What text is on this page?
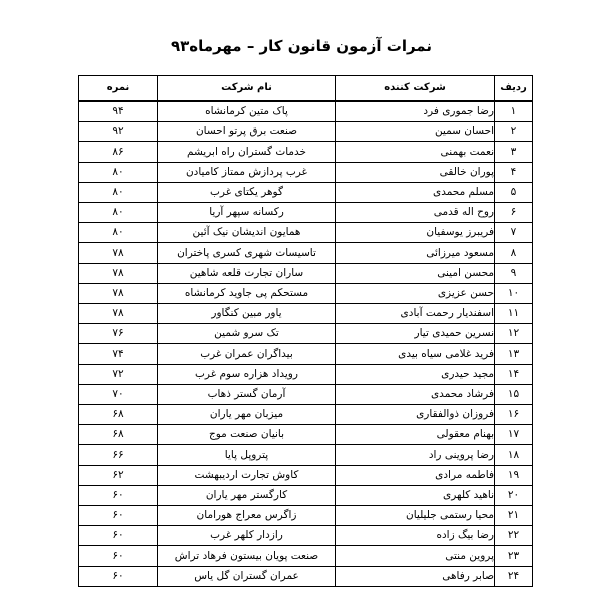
نمرات آزمون قانون کار – مهرماه۹۳
ردیف	شرکت کننده	نام شرکت	نمره
۱	رضا جموری فرد	پاک متین کرمانشاه	۹۴
۲	احسان سمین	صنعت برق پرتو احسان	۹۲
۳	نعمت بهمنی	خدمات گستران راه ابریشم	۸۶
۴	پوران خالقی	غرب پردازش ممتاز کامیادن	۸۰
۵	مسلم محمدی	گوهر یکتای غرب	۸۰
۶	روح اله قدمی	رکسانه سپهر آریا	۸۰
۷	فریبرز یوسفیان	همایون اندیشان نیک آئین	۸۰
۸	مسعود میرزائی	تاسیسات شهری کسری پاختران	۷۸
۹	محسن امینی	ساران تجارت قلعه شاهین	۷۸
۱۰	حسن عزیزی	مستحکم پی جاوید کرمانشاه	۷۸
۱۱	اسفندیار رحمت آبادی	یاور مبین کنگاور	۷۸
۱۲	نسرین حمیدی تیار	تک سرو شمین	۷۶
۱۳	فرید غلامی سیاه بیدی	بیداگران عمران غرب	۷۴
۱۴	مجید حیدری	رویداد هزاره سوم غرب	۷۲
۱۵	فرشاد محمدی	آرمان گستر ذهاب	۷۰
۱۶	فروزان ذوالفقاری	میزبان مهر یاران	۶۸
۱۷	بهنام معقولی	بانیان صنعت موج	۶۸
۱۸	رضا پروینی راد	پتروپل پایا	۶۶
۱۹	فاطمه مرادی	کاوش تجارت اردیبهشت	۶۲
۲۰	ناهید کلهری	کارگستر مهر یاران	۶۰
۲۱	محیا رستمی جلیلیان	زاگرس معراج هورامان	۶۰
۲۲	رضا بیگ زاده	رازدار کلهر غرب	۶۰
۲۳	پروین منتی	صنعت پویان بیستون فرهاد تراش	۶۰
۲۴	صابر رفاهی	عمران گستران گل یاس	۶۰
